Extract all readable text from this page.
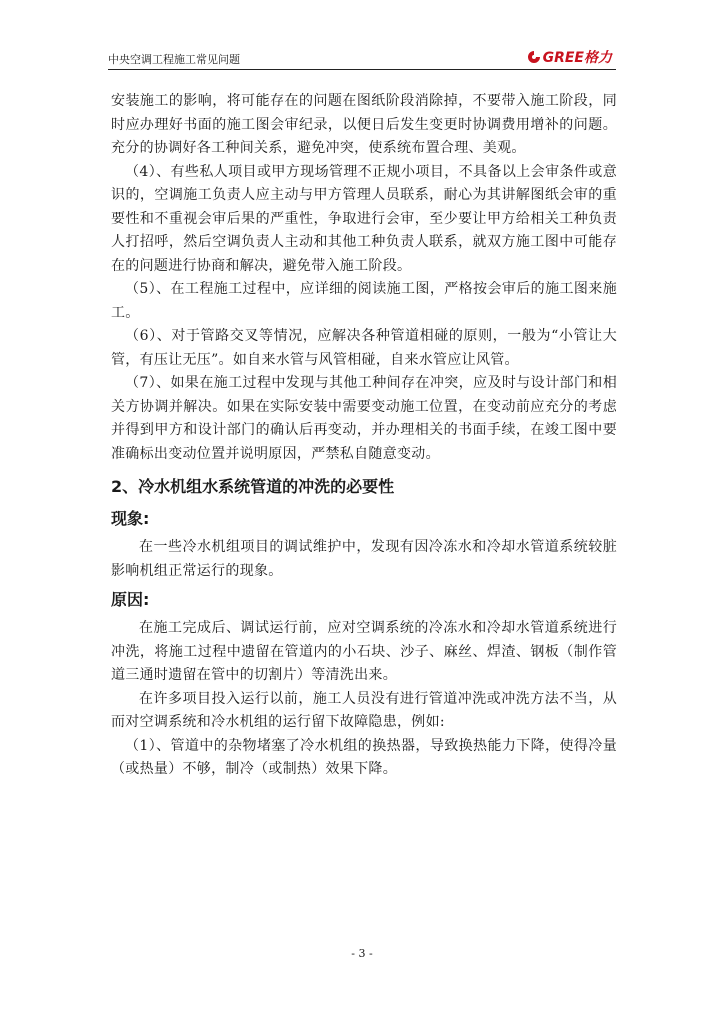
中央空调工程施工常见问题	GREE格力

安装施工的影响，将可能存在的问题在图纸阶段消除掉，不要带入施工阶段，同时应办理好书面的施工图会审纪录，以便日后发生变更时协调费用增补的问题。充分的协调好各工种间关系，避免冲突，使系统布置合理、美观。

（4）、有些私人项目或甲方现场管理不正规小项目，不具备以上会审条件或意识的，空调施工负责人应主动与甲方管理人员联系，耐心为其讲解图纸会审的重要性和不重视会审后果的严重性，争取进行会审，至少要让甲方给相关工种负责人打招呼，然后空调负责人主动和其他工种负责人联系，就双方施工图中可能存在的问题进行协商和解决，避免带入施工阶段。

（5）、在工程施工过程中，应详细的阅读施工图，严格按会审后的施工图来施工。

（6）、对于管路交叉等情况，应解决各种管道相碰的原则，一般为“小管让大管，有压让无压”。如自来水管与风管相碰，自来水管应让风管。

（7）、如果在施工过程中发现与其他工种间存在冲突，应及时与设计部门和相关方协调并解决。如果在实际安装中需要变动施工位置，在变动前应充分的考虑并得到甲方和设计部门的确认后再变动，并办理相关的书面手续，在竣工图中要准确标出变动位置并说明原因，严禁私自随意变动。

2、冷水机组水系统管道的冲洗的必要性
现象:

在一些冷水机组项目的调试维护中，发现有因冷冻水和冷却水管道系统较脏影响机组正常运行的现象。

原因:

在施工完成后、调试运行前，应对空调系统的冷冻水和冷却水管道系统进行冲洗，将施工过程中遗留在管道内的小石块、沙子、麻丝、焊渣、钢板（制作管道三通时遗留在管中的切割片）等清洗出来。

在许多项目投入运行以前，施工人员没有进行管道冲洗或冲洗方法不当，从而对空调系统和冷水机组的运行留下故障隐患，例如:

（1）、管道中的杂物堵塞了冷水机组的换热器，导致换热能力下降，使得冷量（或热量）不够，制冷（或制热）效果下降。

- 3 -
